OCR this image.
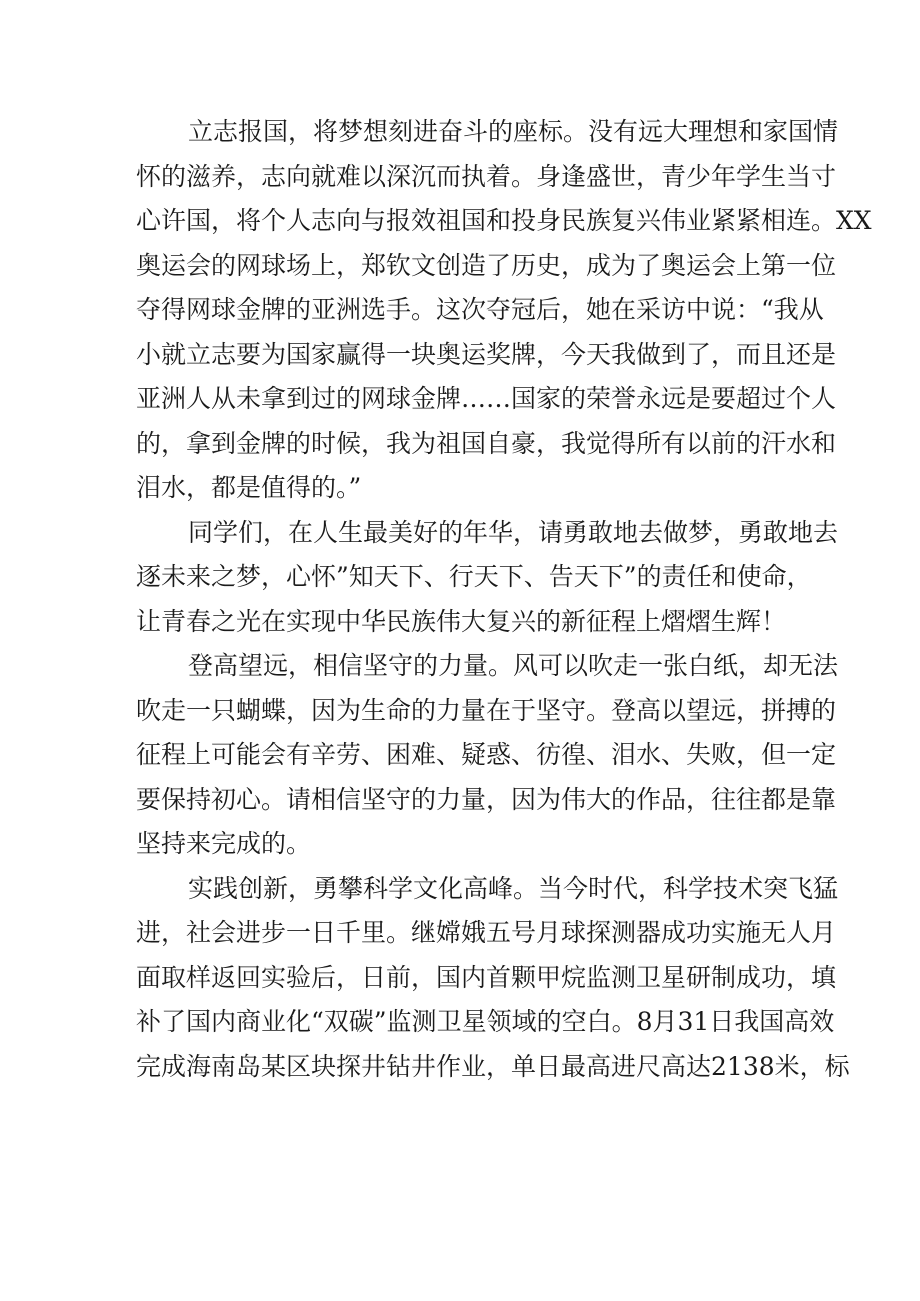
立志报国，将梦想刻进奋斗的座标。没有远大理想和家国情
怀的滋养，志向就难以深沉而执着。身逢盛世，青少年学生当寸
心许国，将个人志向与报效祖国和投身民族复兴伟业紧紧相连。XX
奥运会的网球场上，郑钦文创造了历史，成为了奥运会上第一位
夺得网球金牌的亚洲选手。这次夺冠后，她在采访中说：“我从
小就立志要为国家赢得一块奥运奖牌，今天我做到了，而且还是
亚洲人从未拿到过的网球金牌……国家的荣誉永远是要超过个人
的，拿到金牌的时候，我为祖国自豪，我觉得所有以前的汗水和
泪水，都是值得的。”
同学们，在人生最美好的年华，请勇敢地去做梦，勇敢地去
逐未来之梦，心怀”知天下、行天下、告天下”的责任和使命，
让青春之光在实现中华民族伟大复兴的新征程上熠熠生辉！
登高望远，相信坚守的力量。风可以吹走一张白纸，却无法
吹走一只蝴蝶，因为生命的力量在于坚守。登高以望远，拼搏的
征程上可能会有辛劳、困难、疑惑、彷徨、泪水、失败，但一定
要保持初心。请相信坚守的力量，因为伟大的作品，往往都是靠
坚持来完成的。
实践创新，勇攀科学文化高峰。当今时代，科学技术突飞猛
进，社会进步一日千里。继嫦娥五号月球探测器成功实施无人月
面取样返回实验后，日前，国内首颗甲烷监测卫星研制成功，填
补了国内商业化“双碳”监测卫星领域的空白。8月31日我国高效
完成海南岛某区块探井钻井作业，单日最高进尺高达2138米，标
